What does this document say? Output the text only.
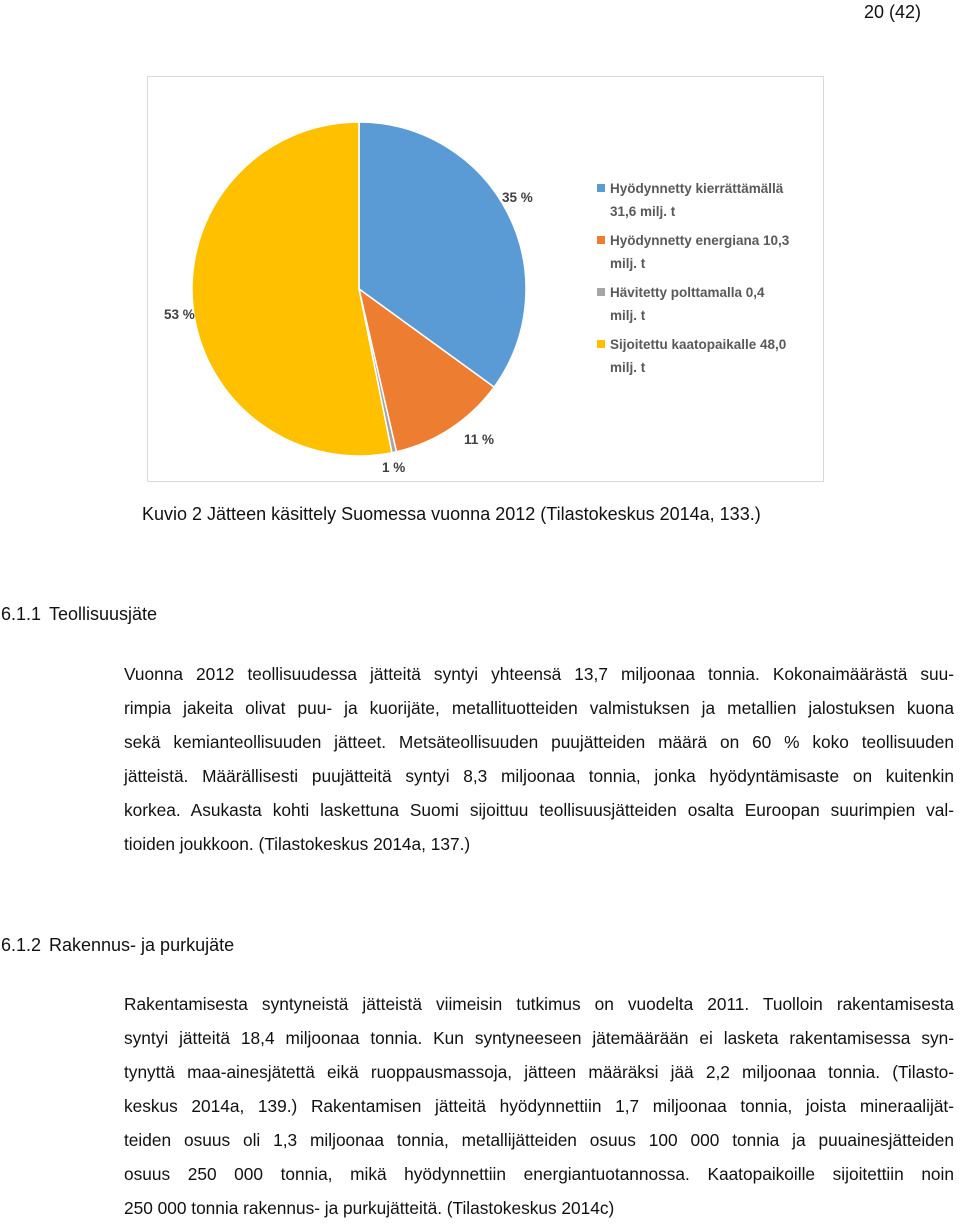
20 (42)
35 %
11 %
1 %
53 %
Hyödynnetty kierrättämällä
31,6 milj. t
Hyödynnetty energiana 10,3
milj. t
Hävitetty polttamalla 0,4
milj. t
Sijoitettu kaatopaikalle 48,0
milj. t
Kuvio 2 Jätteen käsittely Suomessa vuonna 2012 (Tilastokeskus 2014a, 133.)
6.1.1 Teollisuusjäte
Vuonna 2012 teollisuudessa jätteitä syntyi yhteensä 13,7 miljoonaa tonnia. Kokonaimäärästä suu-
rimpia jakeita olivat puu- ja kuorijäte, metallituotteiden valmistuksen ja metallien jalostuksen kuona
sekä kemianteollisuuden jätteet. Metsäteollisuuden puujätteiden määrä on 60 % koko teollisuuden
jätteistä. Määrällisesti puujätteitä syntyi 8,3 miljoonaa tonnia, jonka hyödyntämisaste on kuitenkin
korkea. Asukasta kohti laskettuna Suomi sijoittuu teollisuusjätteiden osalta Euroopan suurimpien val-
tioiden joukkoon. (Tilastokeskus 2014a, 137.)
6.1.2 Rakennus- ja purkujäte
Rakentamisesta syntyneistä jätteistä viimeisin tutkimus on vuodelta 2011. Tuolloin rakentamisesta
syntyi jätteitä 18,4 miljoonaa tonnia. Kun syntyneeseen jätemäärään ei lasketa rakentamisessa syn-
tynyttä maa-ainesjätettä eikä ruoppausmassoja, jätteen määräksi jää 2,2 miljoonaa tonnia. (Tilasto-
keskus 2014a, 139.) Rakentamisen jätteitä hyödynnettiin 1,7 miljoonaa tonnia, joista mineraalijät-
teiden osuus oli 1,3 miljoonaa tonnia, metallijätteiden osuus 100 000 tonnia ja puuainesjätteiden
osuus 250 000 tonnia, mikä hyödynnettiin energiantuotannossa. Kaatopaikoille sijoitettiin noin
250 000 tonnia rakennus- ja purkujätteitä. (Tilastokeskus 2014c)
